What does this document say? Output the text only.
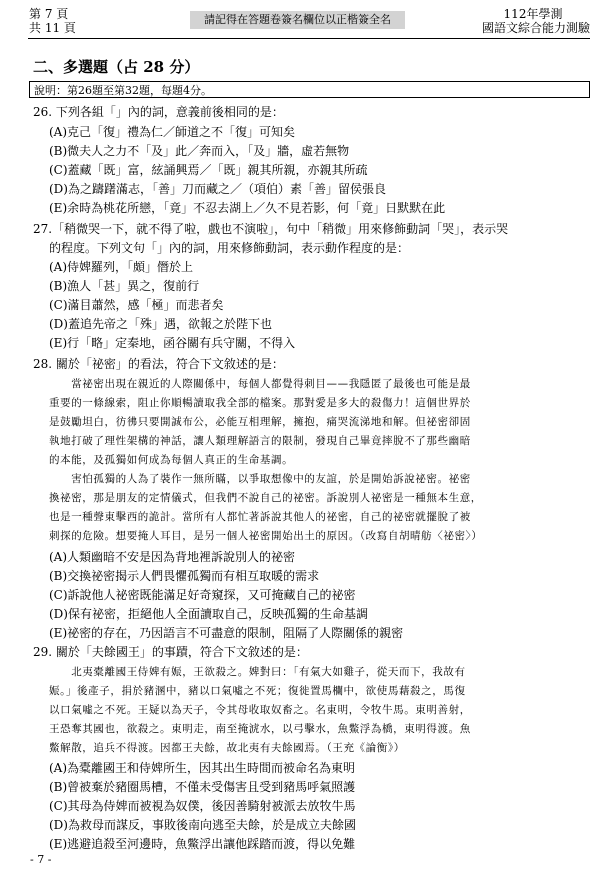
第 7 頁
共 11 頁
請記得在答題卷簽名欄位以正楷簽全名	112年學測
國語文綜合能力測驗
二、多選題（占 28 分）
說明：第26題至第32題，每題4分。
26. 下列各組「」內的詞，意義前後相同的是：
(A)克己「復」禮為仁／師道之不「復」可知矣
(B)微夫人之力不「及」此／奔而入，「及」牆，虛若無物
(C)蓋藏「既」富，絃誦興焉／「既」親其所親，亦親其所疏
(D)為之躊躇滿志，「善」刀而藏之／（項伯）素「善」留侯張良
(E)余時為桃花所戀，「竟」不忍去湖上／久不見若影，何「竟」日默默在此
27.「稍微哭一下，就不得了啦，戲也不演啦」，句中「稍微」用來修飾動詞「哭」，表示哭
的程度。下列文句「」內的詞，用來修飾動詞，表示動作程度的是：
(A)侍婢羅列，「頗」僭於上
(B)漁人「甚」異之，復前行
(C)滿目蕭然，感「極」而悲者矣
(D)蓋追先帝之「殊」遇，欲報之於陛下也
(E)行「略」定秦地，函谷關有兵守關，不得入
28. 關於「祕密」的看法，符合下文敘述的是：
　　當祕密出現在親近的人際關係中，每個人都覺得刺目——我隱匿了最後也可能是最
重要的一條線索，阻止你順暢讀取我全部的檔案。那對愛是多大的殺傷力！這個世界於
是鼓勵坦白，彷彿只要開誠布公，必能互相理解，擁抱，痛哭流涕地和解。但祕密卻固
執地打破了理性架構的神話，讓人類理解語言的限制，發現自己畢竟摔脫不了那些幽暗
的本能，及孤獨如何成為每個人真正的生命基調。
　　害怕孤獨的人為了裝作一無所瞞，以爭取想像中的友誼，於是開始訴說祕密。祕密
換祕密，那是朋友的定情儀式，但我們不說自己的祕密。訴說別人祕密是一種無本生意，
也是一種聲東擊西的詭計。當所有人都忙著訴說其他人的祕密，自己的祕密就擺脫了被
刺探的危險。想要掩人耳目，是另一個人祕密開始出土的原因。（改寫自胡晴舫〈祕密〉）
(A)人類幽暗不安是因為背地裡訴說別人的祕密
(B)交換祕密揭示人們畏懼孤獨而有相互取暖的需求
(C)訴說他人祕密既能滿足好奇窺探，又可掩藏自己的祕密
(D)保有祕密，拒絕他人全面讀取自己，反映孤獨的生命基調
(E)祕密的存在，乃因語言不可盡意的限制，阻隔了人際關係的親密
29. 關於「夫餘國王」的事蹟，符合下文敘述的是：
　　北夷橐離國王侍婢有娠，王欲殺之。婢對曰：「有氣大如雞子，從天而下，我故有
娠。」後產子，捐於豬溷中，豬以口氣噓之不死；復徙置馬欄中，欲使馬藉殺之，馬復
以口氣噓之不死。王疑以為天子，令其母收取奴畜之。名東明，令牧牛馬。東明善射，
王恐奪其國也，欲殺之。東明走，南至掩淲水，以弓擊水，魚鱉浮為橋，東明得渡。魚
鱉解散，追兵不得渡。因都王夫餘，故北夷有夫餘國焉。（王充《論衡》）
(A)為橐離國王和侍婢所生，因其出生時間而被命名為東明
(B)曾被棄於豬圈馬槽，不僅未受傷害且受到豬馬呼氣照護
(C)其母為侍婢而被視為奴僕，後因善騎射被派去放牧牛馬
(D)為救母而謀反，事敗後南向逃至夫餘，於是成立夫餘國
(E)逃避追殺至河邊時，魚鱉浮出讓他踩踏而渡，得以免難
- 7 -
